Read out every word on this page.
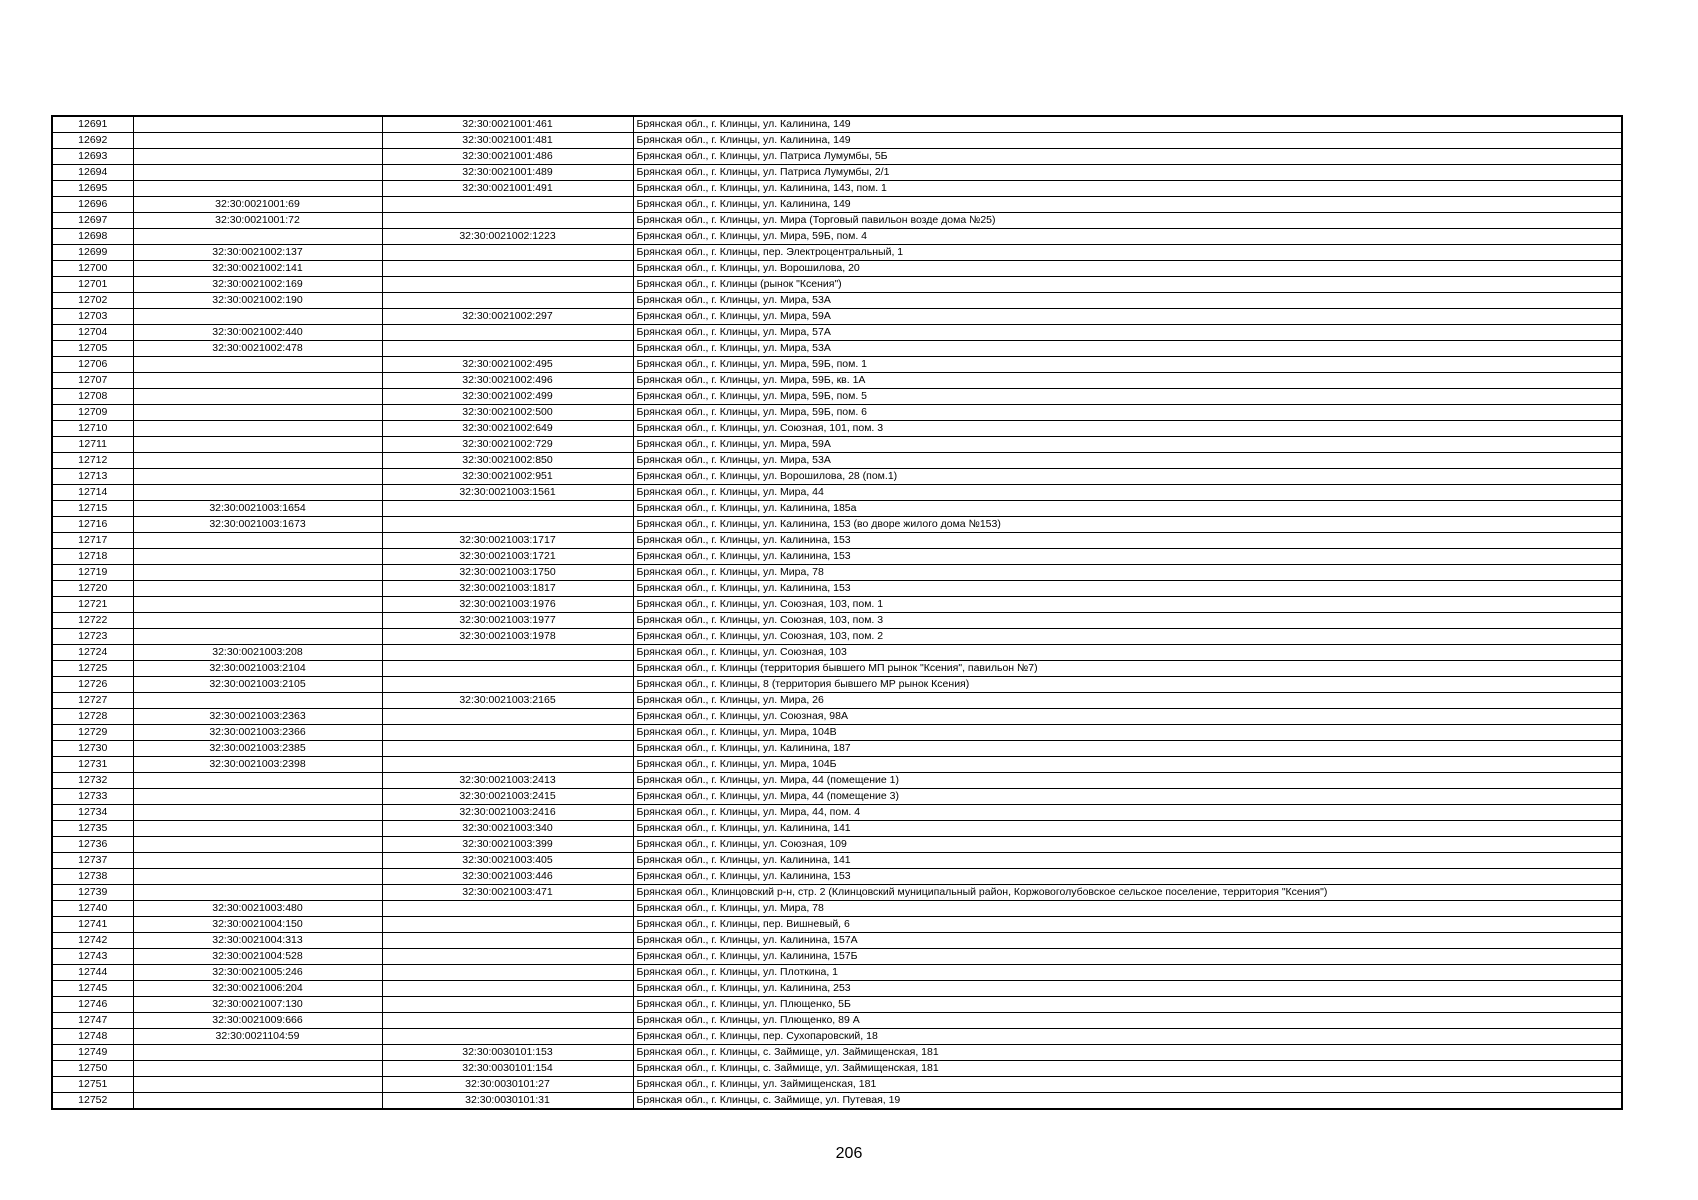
12691		32:30:0021001:461	Брянская обл., г. Клинцы, ул. Калинина, 149
12692		32:30:0021001:481	Брянская обл., г. Клинцы, ул. Калинина, 149
12693		32:30:0021001:486	Брянская обл., г. Клинцы, ул. Патриса Лумумбы, 5Б
12694		32:30:0021001:489	Брянская обл., г. Клинцы, ул. Патриса Лумумбы, 2/1
12695		32:30:0021001:491	Брянская обл., г. Клинцы, ул. Калинина, 143, пом. 1
12696	32:30:0021001:69		Брянская обл., г. Клинцы, ул. Калинина, 149
12697	32:30:0021001:72		Брянская обл., г. Клинцы, ул. Мира (Торговый павильон возде дома №25)
12698		32:30:0021002:1223	Брянская обл., г. Клинцы, ул. Мира, 59Б, пом. 4
12699	32:30:0021002:137		Брянская обл., г. Клинцы, пер. Электроцентральный, 1
12700	32:30:0021002:141		Брянская обл., г. Клинцы, ул. Ворошилова, 20
12701	32:30:0021002:169		Брянская обл., г. Клинцы (рынок "Ксения")
12702	32:30:0021002:190		Брянская обл., г. Клинцы, ул. Мира, 53А
12703		32:30:0021002:297	Брянская обл., г. Клинцы, ул. Мира, 59А
12704	32:30:0021002:440		Брянская обл., г. Клинцы, ул. Мира, 57А
12705	32:30:0021002:478		Брянская обл., г. Клинцы, ул. Мира, 53А
12706		32:30:0021002:495	Брянская обл., г. Клинцы, ул. Мира, 59Б, пом. 1
12707		32:30:0021002:496	Брянская обл., г. Клинцы, ул. Мира, 59Б, кв. 1А
12708		32:30:0021002:499	Брянская обл., г. Клинцы, ул. Мира, 59Б, пом. 5
12709		32:30:0021002:500	Брянская обл., г. Клинцы, ул. Мира, 59Б, пом. 6
12710		32:30:0021002:649	Брянская обл., г. Клинцы, ул. Союзная, 101, пом. 3
12711		32:30:0021002:729	Брянская обл., г. Клинцы, ул. Мира, 59А
12712		32:30:0021002:850	Брянская обл., г. Клинцы, ул. Мира, 53А
12713		32:30:0021002:951	Брянская обл., г. Клинцы, ул. Ворошилова, 28 (пом.1)
12714		32:30:0021003:1561	Брянская обл., г. Клинцы, ул. Мира, 44
12715	32:30:0021003:1654		Брянская обл., г. Клинцы, ул. Калинина, 185а
12716	32:30:0021003:1673		Брянская обл., г. Клинцы, ул. Калинина, 153 (во дворе жилого дома №153)
12717		32:30:0021003:1717	Брянская обл., г. Клинцы, ул. Калинина, 153
12718		32:30:0021003:1721	Брянская обл., г. Клинцы, ул. Калинина, 153
12719		32:30:0021003:1750	Брянская обл., г. Клинцы, ул. Мира, 78
12720		32:30:0021003:1817	Брянская обл., г. Клинцы, ул. Калинина, 153
12721		32:30:0021003:1976	Брянская обл., г. Клинцы, ул. Союзная, 103, пом. 1
12722		32:30:0021003:1977	Брянская обл., г. Клинцы, ул. Союзная, 103, пом. 3
12723		32:30:0021003:1978	Брянская обл., г. Клинцы, ул. Союзная, 103, пом. 2
12724	32:30:0021003:208		Брянская обл., г. Клинцы, ул. Союзная, 103
12725	32:30:0021003:2104		Брянская обл., г. Клинцы (территория бывшего МП рынок "Ксения", павильон №7)
12726	32:30:0021003:2105		Брянская обл., г. Клинцы, 8 (территория бывшего МР рынок Ксения)
12727		32:30:0021003:2165	Брянская обл., г. Клинцы, ул. Мира, 26
12728	32:30:0021003:2363		Брянская обл., г. Клинцы, ул. Союзная, 98А
12729	32:30:0021003:2366		Брянская обл., г. Клинцы, ул. Мира, 104В
12730	32:30:0021003:2385		Брянская обл., г. Клинцы, ул. Калинина, 187
12731	32:30:0021003:2398		Брянская обл., г. Клинцы, ул. Мира, 104Б
12732		32:30:0021003:2413	Брянская обл., г. Клинцы, ул. Мира, 44 (помещение 1)
12733		32:30:0021003:2415	Брянская обл., г. Клинцы, ул. Мира, 44 (помещение 3)
12734		32:30:0021003:2416	Брянская обл., г. Клинцы, ул. Мира, 44, пом. 4
12735		32:30:0021003:340	Брянская обл., г. Клинцы, ул. Калинина, 141
12736		32:30:0021003:399	Брянская обл., г. Клинцы, ул. Союзная, 109
12737		32:30:0021003:405	Брянская обл., г. Клинцы, ул. Калинина, 141
12738		32:30:0021003:446	Брянская обл., г. Клинцы, ул. Калинина, 153
12739		32:30:0021003:471	Брянская обл., Клинцовский р-н, стр. 2 (Клинцовский муниципальный район, Коржовоголубовское сельское поселение, территория "Ксения")
12740	32:30:0021003:480		Брянская обл., г. Клинцы, ул. Мира, 78
12741	32:30:0021004:150		Брянская обл., г. Клинцы, пер. Вишневый, 6
12742	32:30:0021004:313		Брянская обл., г. Клинцы, ул. Калинина, 157А
12743	32:30:0021004:528		Брянская обл., г. Клинцы, ул. Калинина, 157Б
12744	32:30:0021005:246		Брянская обл., г. Клинцы, ул. Плоткина, 1
12745	32:30:0021006:204		Брянская обл., г. Клинцы, ул. Калинина, 253
12746	32:30:0021007:130		Брянская обл., г. Клинцы, ул. Плющенко, 5Б
12747	32:30:0021009:666		Брянская обл., г. Клинцы, ул. Плющенко, 89 А
12748	32:30:0021104:59		Брянская обл., г. Клинцы, пер. Сухопаровский, 18
12749		32:30:0030101:153	Брянская обл., г. Клинцы, с. Займище, ул. Займищенская, 181
12750		32:30:0030101:154	Брянская обл., г. Клинцы, с. Займище, ул. Займищенская, 181
12751		32:30:0030101:27	Брянская обл., г. Клинцы, ул. Займищенская, 181
12752		32:30:0030101:31	Брянская обл., г. Клинцы, с. Займище, ул. Путевая, 19
206
